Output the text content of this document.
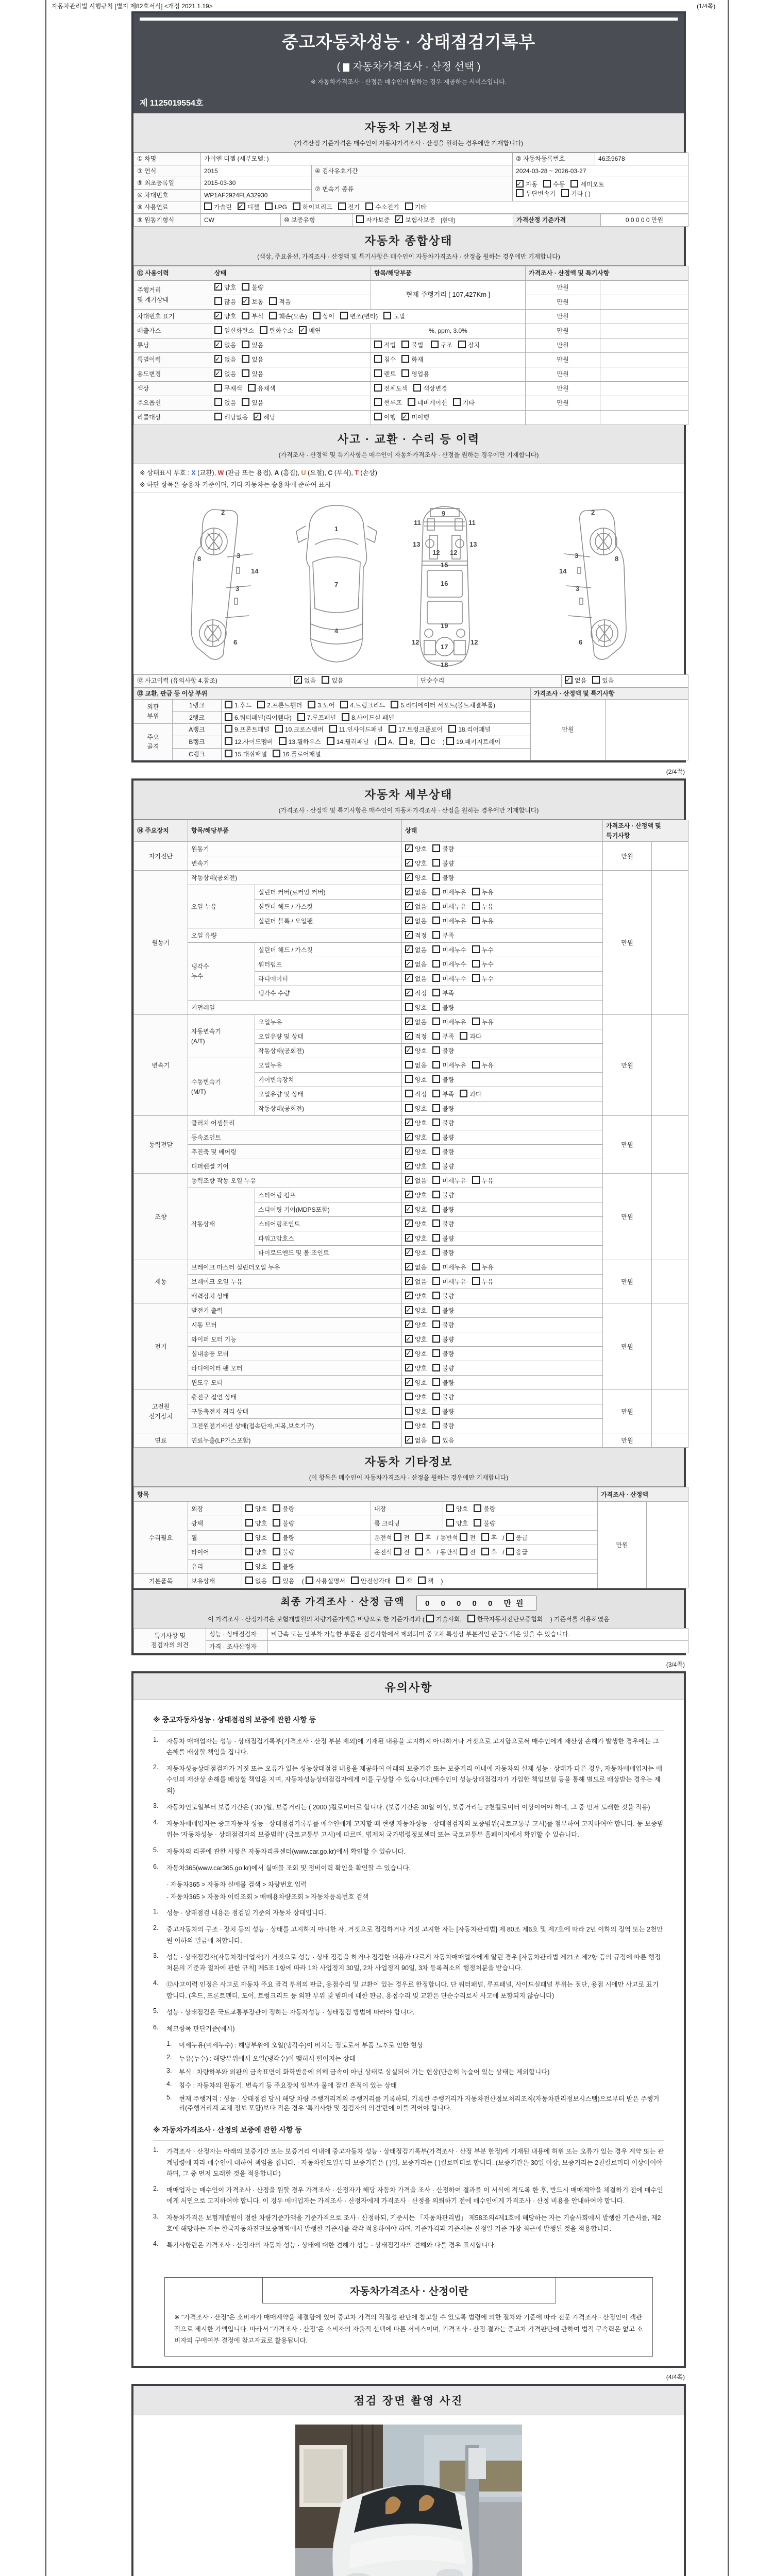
자동차관리법 시행규칙 [별지 제82호서식] <개정 2021.1.19>	(1/4쪽)
중고자동차성능 · 상태점검기록부
( 자동차가격조사 · 산정 선택 )
※ 자동차가격조사 · 산정은 매수인이 원하는 경우 제공하는 서비스입니다.
제 1125019554호
자동차 기본정보
(가격산정 기준가격은 매수인이 자동차가격조사 · 산정을 원하는 경우에만 기재합니다)
① 차명	카이엔 디젤 (세부모델: )		② 자동차등록번호	46조9678
③ 연식	2015	④ 검사유효기간	2024-03-28 ~ 2026-03-27	
⑤ 최초등록일	2015-03-30	⑦ 변속기 종류	
✓자동 수동 세미오토
무단변속기 기타 ( )

⑥ 차대번호	WP1AF2924FLA32930			
⑧ 사용연료	가솔린 ✓ 디젤 LPG 하이브리드 전기 수소전기 기타
⑨ 원동기형식	CW	⑩ 보증유형	자가보증 ✓	보험사보증 [현대]	가격산정 기준가격	0 0 0 0 0 만원
자동차 종합상태
(색상, 주요옵션, 가격조사 · 산정액 및 특기사항은 매수인이 자동차가격조사 · 산정을 원하는 경우에만 기재합니다)
⑪ 사용이력	상태	항목/해당부품	가격조사 · 산정액 및 특기사항	
주행거리
및 계기상태	✓양호 불량	현재 주행거리 [ 107,427Km ]	만원	
	많음 ✓ 보통 적음		만원	
차대번호 표기	✓양호 부식 훼손(오손) 상이 변조(변타) 도말		만원	
배출가스	일산화탄소 탄화수소 ✓ 매연	%, ppm, 3.0%	만원	
튜닝	✓없음 있음	적법 불법 구조 장치	만원	
특별이력	✓없음 있음	침수 화재	만원	
용도변경	✓없음 있음	렌트 영업용	만원	
색상	무채색 유채색	전체도색 색상변경	만원	
주요옵션	없음 있음	썬루프 네비게이션 기타	만원	
리콜대상	해당없음 ✓ 해당	이행 ✓ 미이행		
사고 · 교환 · 수리 등 이력
(가격조사 · 산정액 및 특기사항은 매수인이 자동차가격조사 · 산정을 원하는 경우에만 기재합니다)
※ 상태표시 부호 : X (교환), W (판금 또는 용접), A (흠집), U (요철), C (부식), T (손상)
※ 하단 항목은 승용차 기준이며, 기타 자동차는 승용차에 준하여 표시
2
8	3
3
14
6
1
7
4
11	11
13	13
12 12
9
15
16
19
17
18
12	12
2
8
3
3
14
6
⑫ 사고이력 (유의사항 4.참조)	✓없음	있음	단순수리	✓없음	있음
⑬ 교환, 판금 등 이상 부위			가격조사 · 산정액 및 특기사항	
외판
부위	1랭크	1.후드 2.프론트휀더 3.도어 4.트렁크리드 5.라디에이터 서포트(볼트체결부품)	만원	
	2랭크	6.쿼터패널(리어휀다) 7.루프패널 8.사이드실 패널		
주요
골격	A랭크	9.프론트패널 10.크로스멤버 11.인사이드패널 17.트렁크플로어 18.리어패널		
	B랭크	12.사이드멤버 13.휠하우스 14.필러패널 ( A, B, C ) 19.패키지트레이		
	C랭크	15.대쉬패널 16.플로어패널		
(2/4쪽)
자동차 세부상태
(가격조사 · 산정액 및 특기사항은 매수인이 자동차가격조사 · 산정을 원하는 경우에만 기재합니다)
⑭ 주요장치	항목/해당부품		상태	가격조사 · 산정액 및 특기사항	
자기진단	원동기	✓양호 불량	만원	
	변속기	✓양호 불량
원동기	작동상태(공회전)	✓양호 불량	만원	
	오일 누유	실린더 커버(로커암 커버)	✓없음 미세누유 누유
		실린더 헤드 / 가스킷	✓없음 미세누유 누유
		실린더 블록 / 오일팬	✓없음 미세누유 누유
	오일 유량	✓적정 부족
	냉각수
누수	실린더 헤드 / 가스킷	✓없음 미세누수 누수
		워터펌프	✓없음 미세누수 누수
		라디에이터	✓없음 미세누수 누수
		냉각수 수량	✓적정 부족
	커먼레일		양호 불량		
변속기	자동변속기
(A/T)	오일누유	✓없음 미세누유 누유	만원	
		오일유량 및 상태	✓적정 부족 과다
		작동상태(공회전)	✓양호 불량
	수동변속기
(M/T)	오일누유	없음 미세누유 누유		
		기어변속장치	양호 불량		
		오일유량 및 상태	적정 부족 과다		
		작동상태(공회전)	양호 불량		
동력전달	클러치 어셈블리	✓양호 불량	만원	
	등속죠인트	✓양호 불량
	추진축 및 베어링	✓양호 불량
	디퍼렌셜 기어	✓양호 불량
조향	동력조향 작동 오일 누유	✓없음 미세누유 누유	만원	
	작동상태	스티어링 펌프	✓양호 불량
		스티어링 기어(MDPS포함)	✓양호 불량
		스티어링조인트	✓양호 불량
		파워고압호스	✓양호 불량
		타이로드엔드 및 볼 조인트	✓양호 불량
제동	브레이크 마스터 실린더오일 누유	✓없음 미세누유 누유	만원	
	브레이크 오일 누유	✓없음 미세누유 누유
	배력장치 상태	✓양호 불량
전기	발전기 출력	✓양호 불량	만원	
	시동 모터	✓양호 불량
	와이퍼 모터 기능	✓양호 불량
	실내송풍 모터	✓양호 불량
	라디에이터 팬 모터	✓양호 불량
	윈도우 모터	✓양호 불량
고전원
전기장치	충전구 절연 상태		양호 불량	만원	
	구동축전지 격리 상태		양호 불량		
	고전원전기배선 상태(접속단자,피복,보호기구)		양호 불량		
연료	연료누출(LP가스포함)	✓없음 있음	만원	
자동차 기타정보
(이 항목은 매수인이 자동차가격조사 · 산정을 원하는 경우에만 기재합니다)
항목					가격조사 · 산정액	
수리필요	외장	양호 불량	내장	양호 불량	만원	
	광택	양호 불량	룸 크리닝	양호 불량		
	휠	양호 불량	운전석 전 후 / 동반석 전 후 / 응급			
	타이어	양호 불량	운전석 전 후 / 동반석 전 후 / 응급			
	유리	양호 불량				
기본품목	보유상태	없음 있음 ( 사용설명서 안전삼각대 잭 잭 )				
최종 가격조사 · 산정 금액	0 0 0 0 0 만원
이 가격조사 · 산정가격은 보험개발원의 차량기준가액을 바탕으로 한 기준가격과 ( 기술사회,	한국자동차진단보증협회 ) 기준서를 적용하였음
특기사항 및
점검자의 의견	성능 · 상태점검자	비금속 또는 탈부착 가능한 부품은 점검사항에서 제외되며 중고차 특성상 부분적인 판금도색은 있을 수 있습니다.
	가격 · 조사산정자	
(3/4쪽)
유의사항
※ 중고자동차성능 · 상태점검의 보증에 관한 사항 등
1.	자동차 매매업자는 성능 · 상태점검기록부(가격조사 · 산정 부분 제외)에 기재된 내용을 고지하지 아니하거나 거짓으로 고지함으로써 매수인에게 재산상 손해가 발생한 경우에는 그 손해를 배상할 책임을 집니다.
2.	자동차성능상태점검자가 거짓 또는 오류가 있는 성능상태점검 내용을 제공하여 아래의 보증기간 또는 보증거리 이내에 자동차의 실제 성능 · 상태가 다른 경우, 자동차매매업자는 매수인의 재산상 손해를 배상할 책임을 지며, 자동차성능상태점검자에게 이를 구상할 수 있습니다.(매수인이 성능상태점검자가 가입한 책임보험 등을 통해 별도로 배상받는 경우는 제외)
3.	자동차인도일부터 보증기간은 ( 30 )일, 보증거리는 ( 2000 )킬로미터로 합니다. (보증기간은 30일 이상, 보증거리는 2천킬로미터 이상이어야 하며, 그 중 먼저 도래한 것을 적용)
4.	자동차매매업자는 중고자동차 성능 · 상태점검기록부를 매수인에게 고지할 때 현행 자동차성능 · 상태점검자의 보증범위(국토교통부 고시)를 첨부하여 고지하여야 합니다. 동 보증범위는 '자동차성능 · 상태점검자의 보증범위' (국토교통부 고시)에 따르며, 법제처 국가법령정보센터 또는 국토교통부 홈페이지에서 확인할 수 있습니다.
5.	자동차의 리콜에 관한 사항은 자동차리콜센터(www.car.go.kr)에서 확인할 수 있습니다.
6.	자동차365(www.car365.go.kr)에서 실매물 조회 및 정비이력 확인을 확인할 수 있습니다.
- 자동차365 > 자동차 실매물 검색 > 차량번호 입력
- 자동차365 > 자동차 이력조회 > 매매용차량조회 > 자동차등록번호 검색
1.	성능 · 상태점검 내용은 점검일 기준의 자동차 상태입니다.
2.	중고자동차의 구조 · 장치 등의 성능 · 상태를 고지하지 아니한 자, 거짓으로 점검하거나 거짓 고지한 자는 [자동차관리법] 제 80조 제6호 및 제7호에 따라 2년 이하의 징역 또는 2천만원 이하의 벌금에 처합니다.
3.	성능 · 상태점검자(자동차정비업자)가 거짓으로 성능 · 상태 점검을 하거나 점검한 내용과 다르게 자동차매매업자에게 알린 경우 [자동차관리법 제21조 제2항 등의 규정에 따른 행정처분의 기준과 절차에 관한 규칙] 제5조 1항에 따라 1차 사업정지 30일, 2차 사업정지 90일, 3차 등록취소의 행정처분을 받습니다.
4.	⑫사고이력 인정은 사고로 자동차 주요 골격 부위의 판금, 용접수리 및 교환이 있는 경우로 한정합니다. 단 쿼터패널, 루프패널, 사이드실패널 부위는 절단, 용접 시에만 사고로 표기합니다. (후드, 프론트펜더, 도어, 트렁크리드 등 외판 부위 및 범퍼에 대한 판금, 용접수리 및 교환은 단순수리로서 사고에 포함되지 않습니다)
5.	성능 · 상태점검은 국토교통부장관이 정하는 자동차성능 · 상태점검 방법에 따라야 합니다.
6.	체크항목 판단기준(예시)
1.	미세누유(미세누수) : 해당부위에 오일(냉각수)이 비치는 정도로서 부품 노후로 인한 현상
2.	누유(누수) : 해당부위에서 오일(냉각수)이 맺혀서 떨어지는 상태
3.	부식 : 차량하부와 외판의 금속표면이 화학반응에 의해 금속이 아닌 상태로 상실되어 가는 현상(단순히 녹슬어 있는 상태는 제외합니다)
4.	침수 : 자동차의 원동기, 변속기 등 주요장치 일부가 물에 잠긴 흔적이 있는 상태
5.	현재 주행거리 : 성능 · 상태점검 당시 해당 차량 주행거리계의 주행거리를 기록하되, 기록한 주행거리가 자동차전산정보처리조직(자동차관리정보시스템)으로부터 받은 주행거리(주행거리계 교체 정보 포함)보다 적은 경우 '특기사항 및 점검자의 의견'란에 이를 적어야 합니다.
※ 자동차가격조사 · 산정의 보증에 관한 사항 등
1.	가격조사 · 산정자는 아래의 보증기간 또는 보증거리 이내에 중고자동차 성능 · 상태점검기록부(가격조사 · 산정 부분 한정)에 기재된 내용에 허위 또는 오류가 있는 경우 계약 또는 관계법령에 따라 매수인에 대하여 책임을 집니다. · 자동차인도일부터 보증기간은 ( )일, 보증거리는 ( )킬로미터로 합니다. (보증기간은 30일 이상, 보증거리는 2천킬로미터 이상이어야 하며, 그 중 먼저 도래한 것을 적용합니다)
2.	매매업자는 매수인이 가격조사 · 산정을 원할 경우 가격조사 · 산정자가 해당 자동차 가격을 조사 · 산정하여 결과를 이 서식에 적도록 한 후, 반드시 매매계약을 체결하기 전에 매수인에게 서면으로 고지하여야 합니다. 이 경우 매매업자는 가격조사 · 산정자에게 가격조사 · 산정을 의뢰하기 전에 매수인에게 가격조사 · 산정 비용을 안내하여야 합니다.
3.	자동차가격은 보험개발원이 정한 차량기준가액을 기준가격으로 조사 · 산정하되, 기준서는 「자동차관리법」 제58조의4제1호에 해당하는 자는 기술사회에서 발행한 기준서를, 제2호에 해당하는 자는 한국자동차진단보증협회에서 발행한 기준서를 각각 적용하여야 하며, 기준가격과 기준서는 산정일 기준 가장 최근에 발행된 것을 적용합니다.
4.	특기사항란은 가격조사 · 산정자의 자동차 성능 · 상태에 대한 견해가 성능 · 상태점검자의 견해와 다를 경우 표시합니다.
자동차가격조사 · 산정이란
※ "가격조사 · 산정"은 소비자가 매매계약을 체결함에 있어 중고차 가격의 적절성 판단에 참고할 수 있도록 법령에 의한 절차와 기준에 따라 전문 가격조사 · 산정인이 객관적으로 제시한 가액입니다. 따라서 "가격조사 · 산정"은 소비자의 자율적 선택에 따른 서비스이며, 가격조사 · 산정 결과는 중고차 가격판단에 관하여 법적 구속력은 없고 소비자의 구매여부 결정에 참고자료로 활용됩니다.
(4/4쪽)
점검 장면 촬영 사진
